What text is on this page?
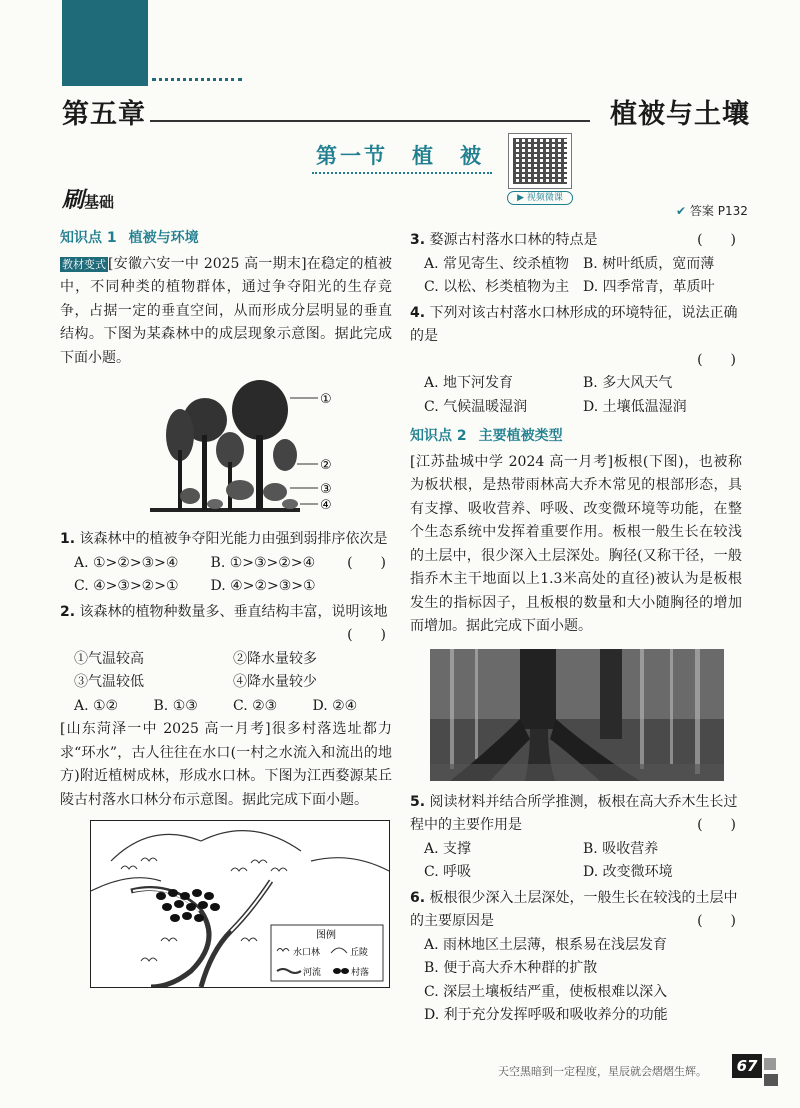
第五章	植被与土壤
第一节　植　被
▶ 视频微课
刷基础	✔ 答案 P132
知识点 1 植被与环境
教材变式 [安徽六安一中 2025 高一期末]在稳定的植被中，不同种类的植物群体，通过争夺阳光的生存竞争，占据一定的垂直空间，从而形成分层明显的垂直结构。下图为某森林中的成层现象示意图。据此完成下面小题。
①
②
③
④
1. 该森林中的植被争夺阳光能力由强到弱排序依次是
(　　)
A. ①>②>③>④	B. ①>③>②>④
C. ④>③>②>①	D. ④>②>③>①
2. 该森林的植物种数量多、垂直结构丰富，说明该地
(　　)
①气温较高	②降水量较多
③气温较低	④降水量较少
A. ①②	B. ①③	C. ②③	D. ②④
[山东菏泽一中 2025 高一月考]很多村落选址都力求“环水”，古人往往在水口(一村之水流入和流出的地方)附近植树成林，形成水口林。下图为江西婺源某丘陵古村落水口林分布示意图。据此完成下面小题。
图例
水口林	丘陵
河流	村落
3. 婺源古村落水口林的特点是	(　　)
A. 常见寄生、绞杀植物 B. 树叶纸质，宽而薄
C. 以松、杉类植物为主 D. 四季常青，革质叶
4. 下列对该古村落水口林形成的环境特征，说法正确的是
(　　)
A. 地下河发育	B. 多大风天气
C. 气候温暖湿润	D. 土壤低温湿润
知识点 2 主要植被类型
[江苏盐城中学 2024 高一月考]板根(下图)，也被称为板状根，是热带雨林高大乔木常见的根部形态，具有支撑、吸收营养、呼吸、改变微环境等功能，在整个生态系统中发挥着重要作用。板根一般生长在较浅的土层中，很少深入土层深处。胸径(又称干径，一般指乔木主干地面以上1.3米高处的直径)被认为是板根发生的指标因子，且板根的数量和大小随胸径的增加而增加。据此完成下面小题。
5. 阅读材料并结合所学推测，板根在高大乔木生长过程中的主要作用是	(　　)
A. 支撑	B. 吸收营养
C. 呼吸	D. 改变微环境
6. 板根很少深入土层深处，一般生长在较浅的土层中的主要原因是	(　　)
A. 雨林地区土层薄，根系易在浅层发育
B. 便于高大乔木种群的扩散
C. 深层土壤板结严重，使板根难以深入
D. 利于充分发挥呼吸和吸收养分的功能
天空黑暗到一定程度，星辰就会熠熠生辉。	67
